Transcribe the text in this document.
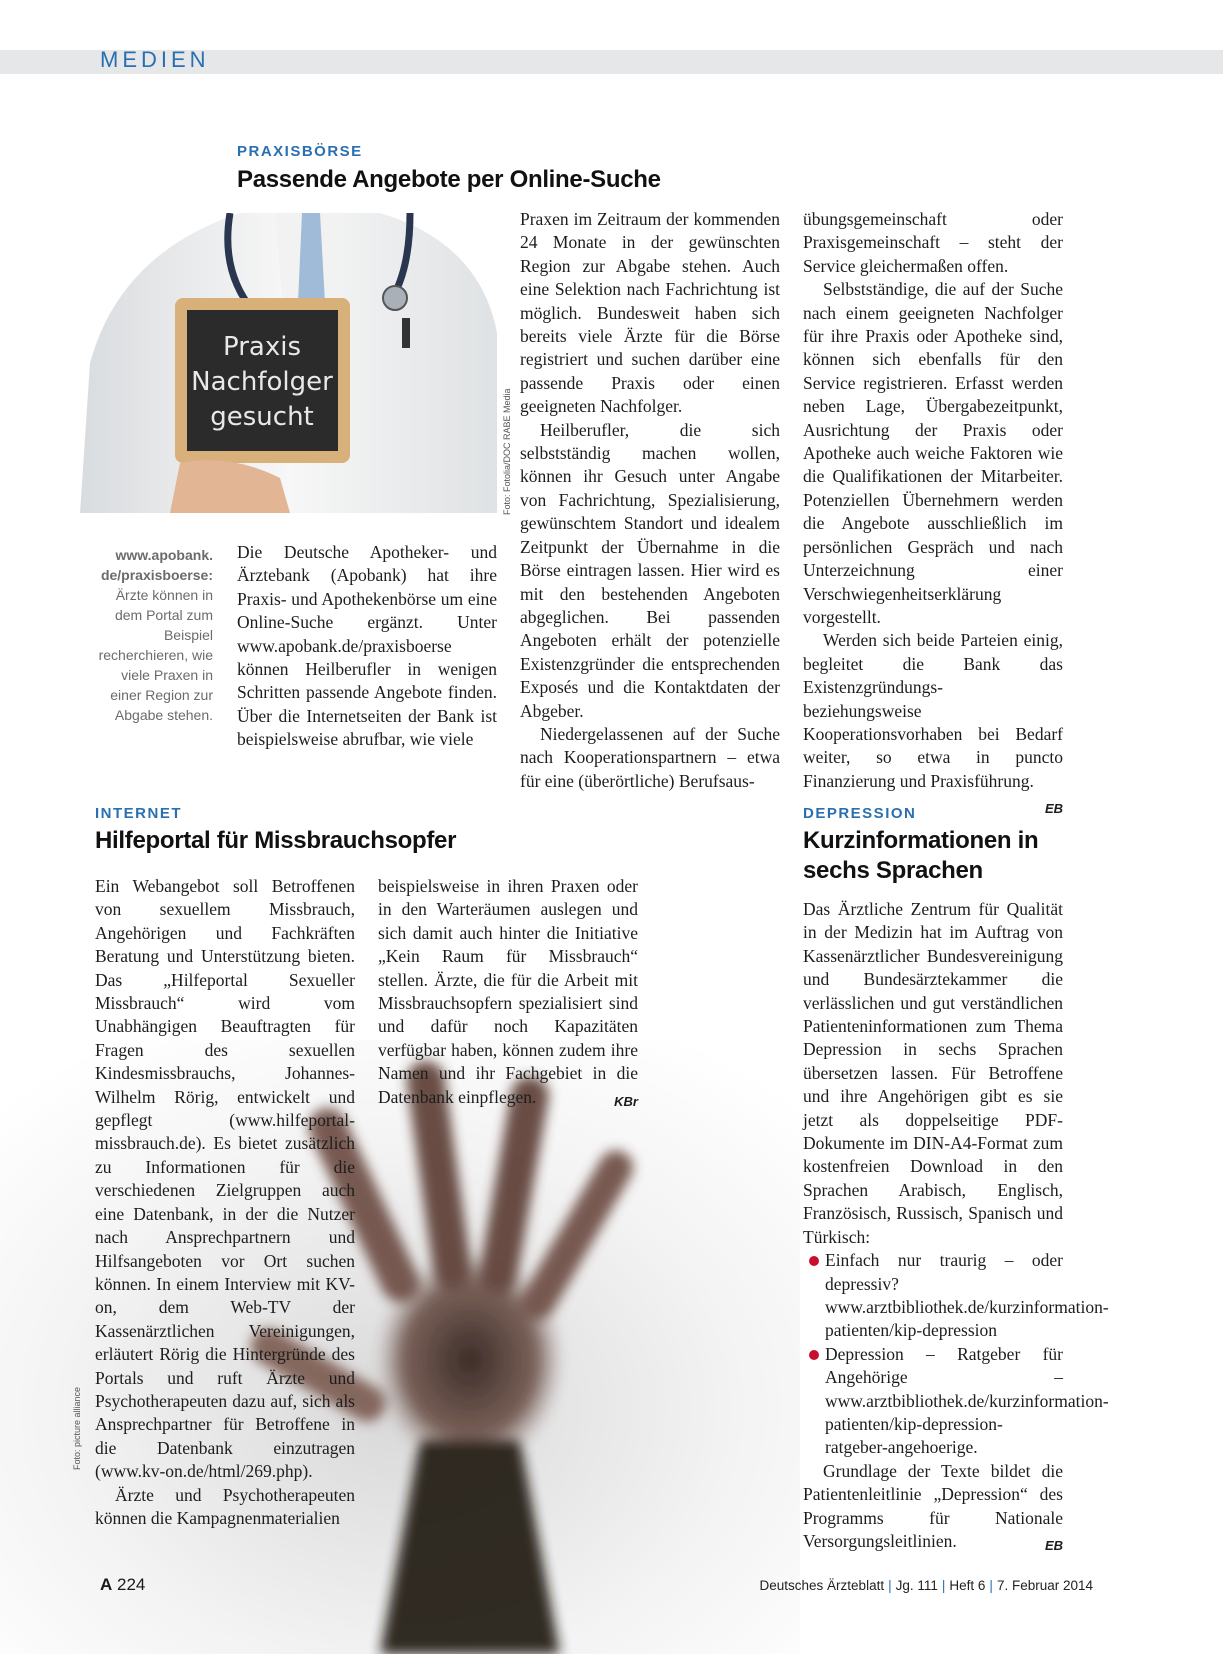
MEDIEN
PRAXISBÖRSE
Passende Angebote per Online-Suche
Praxis
Nachfolger
gesucht	Foto: Fotolia/DOC RABE Media
www.apobank.
de/praxisboerse:
Ärzte können in dem Portal zum Beispiel recherchieren, wie viele Praxen in einer Region zur Abgabe stehen.

Die Deutsche Apotheker- und Ärztebank (Apobank) hat ihre Praxis- und Apothekenbörse um eine Online-Suche ergänzt. Unter www.apobank.de/praxisboerse können Heilberufler in wenigen Schritten passende Angebote finden. Über die Internetseiten der Bank ist beispielsweise abrufbar, wie viele

Praxen im Zeitraum der kommenden 24 Monate in der gewünschten Region zur Abgabe stehen. Auch eine Selektion nach Fachrichtung ist möglich. Bundesweit haben sich bereits viele Ärzte für die Börse registriert und suchen darüber eine passende Praxis oder einen geeigneten Nachfolger.

Heilberufler, die sich selbstständig machen wollen, können ihr Gesuch unter Angabe von Fachrichtung, Spezialisierung, gewünschtem Standort und idealem Zeitpunkt der Übernahme in die Börse eintragen lassen. Hier wird es mit den bestehenden Angeboten abgeglichen. Bei passenden Angeboten erhält der potenzielle Existenzgründer die entsprechenden Exposés und die Kontaktdaten der Abgeber.

Niedergelassenen auf der Suche nach Kooperationspartnern – etwa für eine (überörtliche) Berufsaus-

übungsgemeinschaft oder Praxisgemeinschaft – steht der Service gleichermaßen offen.

Selbstständige, die auf der Suche nach einem geeigneten Nachfolger für ihre Praxis oder Apotheke sind, können sich ebenfalls für den Service registrieren. Erfasst werden neben Lage, Übergabezeitpunkt, Ausrichtung der Praxis oder Apotheke auch weiche Faktoren wie die Qualifikationen der Mitarbeiter. Potenziellen Übernehmern werden die Angebote ausschließlich im persönlichen Gespräch und nach Unterzeichnung einer Verschwiegenheitserklärung vorgestellt.

Werden sich beide Parteien einig, begleitet die Bank das Existenzgründungs- beziehungsweise Kooperationsvorhaben bei Bedarf weiter, so etwa in puncto Finanzierung und Praxisführung.
EB

INTERNET
Hilfeportal für Missbrauchsopfer

Ein Webangebot soll Betroffenen von sexuellem Missbrauch, Angehörigen und Fachkräften Beratung und Unterstützung bieten. Das „Hilfeportal Sexueller Missbrauch“ wird vom Unabhängigen Beauftragten für Fragen des sexuellen Kindesmissbrauchs, Johannes-Wilhelm Rörig, entwickelt und gepflegt (www.hilfeportal-missbrauch.de). Es bietet zusätzlich zu Informationen für die verschiedenen Zielgruppen auch eine Datenbank, in der die Nutzer nach Ansprechpartnern und Hilfsangeboten vor Ort suchen können. In einem Interview mit KV-on, dem Web-TV der Kassenärztlichen Vereinigungen, erläutert Rörig die Hintergründe des Portals und ruft Ärzte und Psychotherapeuten dazu auf, sich als Ansprechpartner für Betroffene in die Datenbank einzutragen (www.kv-on.de/html/269.php).

Ärzte und Psychotherapeuten können die Kampagnenmaterialien

beispielsweise in ihren Praxen oder in den Warteräumen auslegen und sich damit auch hinter die Initiative „Kein Raum für Missbrauch“ stellen. Ärzte, die für die Arbeit mit Missbrauchsopfern spezialisiert sind und dafür noch Kapazitäten verfügbar haben, können zudem ihre Namen und ihr Fachgebiet in die Datenbank einpflegen.	KBr

Foto: picture alliance
DEPRESSION
Kurzinformationen in sechs Sprachen

Das Ärztliche Zentrum für Qualität in der Medizin hat im Auftrag von Kassenärztlicher Bundesvereinigung und Bundesärztekammer die verlässlichen und gut verständlichen Patienteninformationen zum Thema Depression in sechs Sprachen übersetzen lassen. Für Betroffene und ihre Angehörigen gibt es sie jetzt als doppelseitige PDF-Dokumente im DIN-A4-Format zum kostenfreien Download in den Sprachen Arabisch, Englisch, Französisch, Russisch, Spanisch und Türkisch:

Einfach nur traurig – oder depressiv? www.arztbibliothek.de/kurzinformation-patienten/kip-depression

Depression – Ratgeber für Angehörige – www.arztbibliothek.de/kurzinformation-patienten/kip-depression-ratgeber-angehoerige.

Grundlage der Texte bildet die Patientenleitlinie „Depression“ des Programms für Nationale Versorgungsleitlinien.	EB

A 224	Deutsches Ärzteblatt | Jg. 111 | Heft 6 | 7. Februar 2014
